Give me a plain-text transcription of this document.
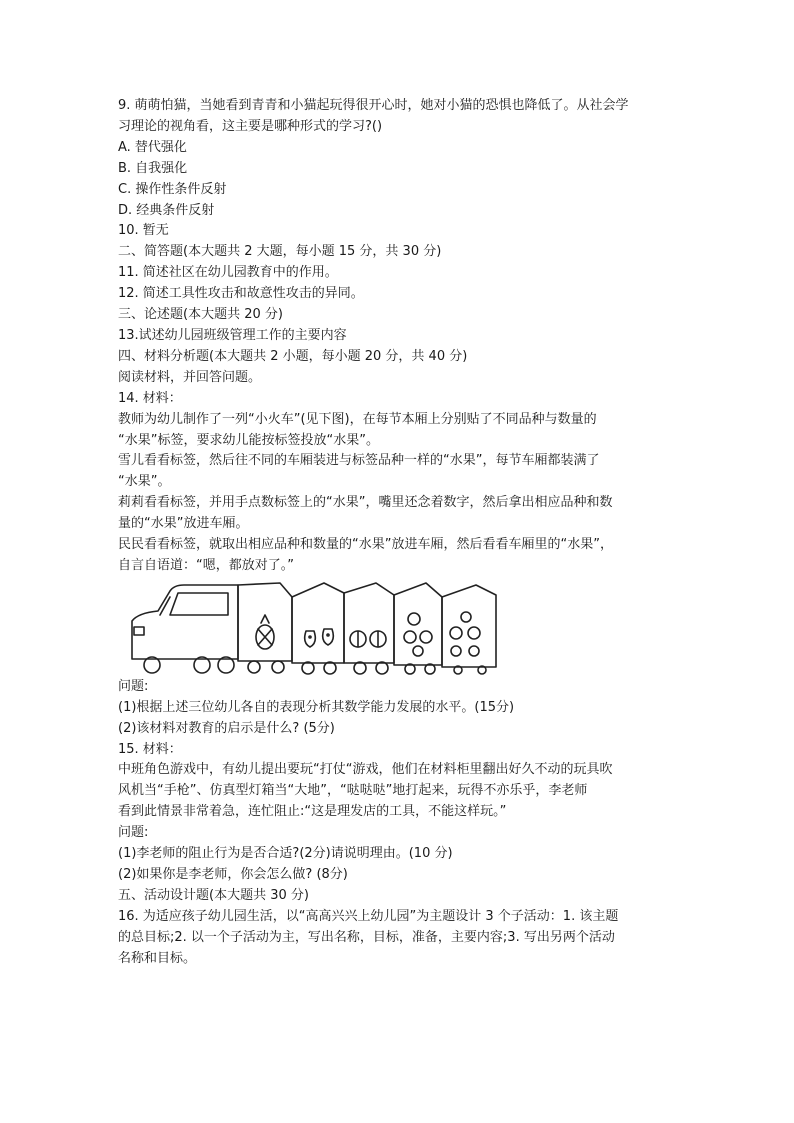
9. 萌萌怕猫，当她看到青青和小猫起玩得很开心时，她对小猫的恐惧也降低了。从社会学
习理论的视角看，这主要是哪种形式的学习?()
A. 替代强化
B. 自我强化
C. 操作性条件反射
D. 经典条件反射
10. 暂无
二、简答题(本大题共 2 大题，每小题 15 分，共 30 分)
11. 简述社区在幼儿园教育中的作用。
12. 简述工具性攻击和故意性攻击的异同。
三、论述题(本大题共 20 分)
13.试述幼儿园班级管理工作的主要内容
四、材料分析题(本大题共 2 小题，每小题 20 分，共 40 分)
阅读材料，并回答问题。
14. 材料：
教师为幼儿制作了一列“小火车”(见下图)，在每节本厢上分别贴了不同品种与数量的
“水果”标签，要求幼儿能按标签投放“水果”。
雪儿看看标签，然后往不同的车厢装进与标签品种一样的“水果”，每节车厢都装满了
“水果”。
莉莉看看标签，并用手点数标签上的“水果”，嘴里还念着数字，然后拿出相应品种和数
量的“水果”放进车厢。
民民看看标签，就取出相应品种和数量的“水果”放进车厢，然后看看车厢里的“水果”，
自言自语道：“嗯，都放对了。”
问题:
(1)根据上述三位幼儿各自的表现分析其数学能力发展的水平。(15分)
(2)该材料对教育的启示是什么? (5分)
15. 材料：
中班角色游戏中，有幼儿提出要玩“打仗“游戏，他们在材料柜里翻出好久不动的玩具吹
风机当“手枪”、仿真型灯箱当“大地”，“哒哒哒”地打起来，玩得不亦乐乎，李老师
看到此情景非常着急，连忙阻止:“这是理发店的工具，不能这样玩。”
问题:
(1)李老师的阻止行为是否合适?(2分)请说明理由。(10 分)
(2)如果你是李老师，你会怎么做? (8分)
五、活动设计题(本大题共 30 分)
16. 为适应孩子幼儿园生活，以“高高兴兴上幼儿园”为主题设计 3 个子活动：1. 该主题
的总目标;2. 以一个子活动为主，写出名称，目标，准备，主要内容;3. 写出另两个活动
名称和目标。
